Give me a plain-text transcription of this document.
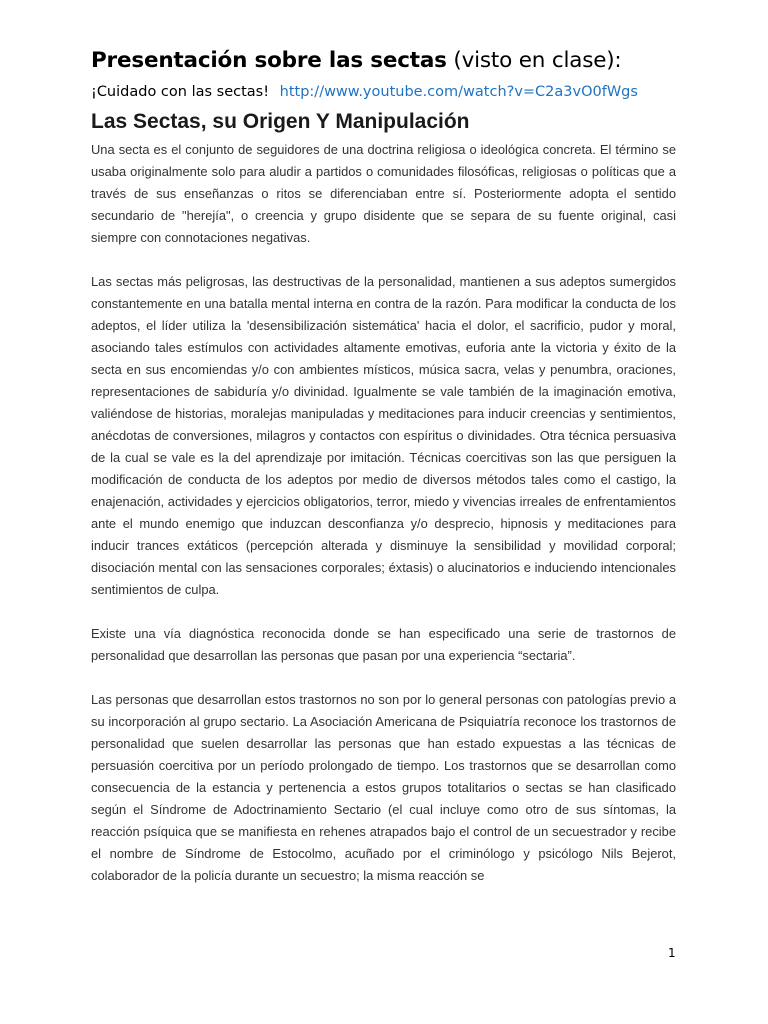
Presentación sobre las sectas (visto en clase):
¡Cuidado con las sectas! http://www.youtube.com/watch?v=C2a3vO0fWgs
Las Sectas, su Origen Y Manipulación

Una secta es el conjunto de seguidores de una doctrina religiosa o ideológica concreta. El término se usaba originalmente solo para aludir a partidos o comunidades filosóficas, religiosas o políticas que a través de sus enseñanzas o ritos se diferenciaban entre sí. Posteriormente adopta el sentido secundario de "herejía", o creencia y grupo disidente que se separa de su fuente original, casi siempre con connotaciones negativas.

Las sectas más peligrosas, las destructivas de la personalidad, mantienen a sus adeptos sumergidos constantemente en una batalla mental interna en contra de la razón. Para modificar la conducta de los adeptos, el líder utiliza la 'desensibilización sistemática' hacia el dolor, el sacrificio, pudor y moral, asociando tales estímulos con actividades altamente emotivas, euforia ante la victoria y éxito de la secta en sus encomiendas y/o con ambientes místicos, música sacra, velas y penumbra, oraciones, representaciones de sabiduría y/o divinidad. Igualmente se vale también de la imaginación emotiva, valiéndose de historias, moralejas manipuladas y meditaciones para inducir creencias y sentimientos, anécdotas de conversiones, milagros y contactos con espíritus o divinidades. Otra técnica persuasiva de la cual se vale es la del aprendizaje por imitación. Técnicas coercitivas son las que persiguen la modificación de conducta de los adeptos por medio de diversos métodos tales como el castigo, la enajenación, actividades y ejercicios obligatorios, terror, miedo y vivencias irreales de enfrentamientos ante el mundo enemigo que induzcan desconfianza y/o desprecio, hipnosis y meditaciones para inducir trances extáticos (percepción alterada y disminuye la sensibilidad y movilidad corporal; disociación mental con las sensaciones corporales; éxtasis) o alucinatorios e induciendo intencionales sentimientos de culpa.

Existe una vía diagnóstica reconocida donde se han especificado una serie de trastornos de personalidad que desarrollan las personas que pasan por una experiencia “sectaria”.

Las personas que desarrollan estos trastornos no son por lo general personas con patologías previo a su incorporación al grupo sectario. La Asociación Americana de Psiquiatría reconoce los trastornos de personalidad que suelen desarrollar las personas que han estado expuestas a las técnicas de persuasión coercitiva por un período prolongado de tiempo. Los trastornos que se desarrollan como consecuencia de la estancia y pertenencia a estos grupos totalitarios o sectas se han clasificado según el Síndrome de Adoctrinamiento Sectario (el cual incluye como otro de sus síntomas, la reacción psíquica que se manifiesta en rehenes atrapados bajo el control de un secuestrador y recibe el nombre de Síndrome de Estocolmo, acuñado por el criminólogo y psicólogo Nils Bejerot, colaborador de la policía durante un secuestro; la misma reacción se

1
